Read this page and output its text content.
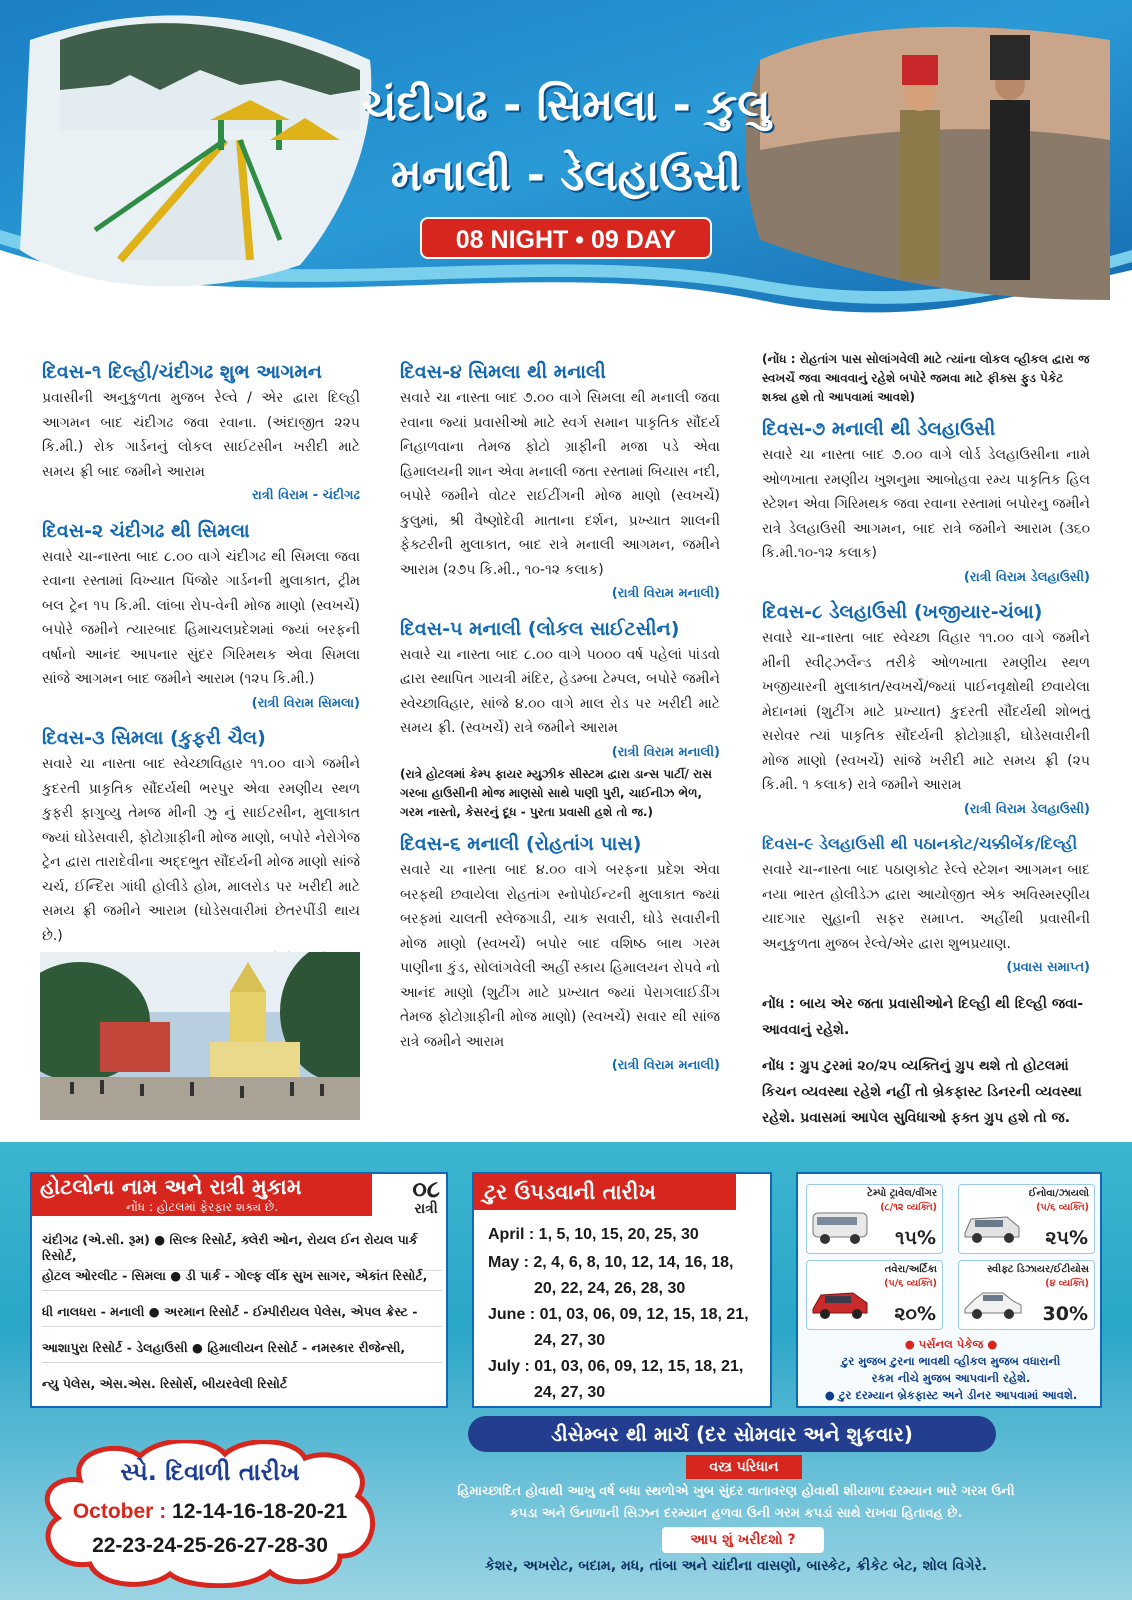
ચંદીગઢ - સિમલા - કુલુ
મનાલી - ડેલહાઉસી
08 NIGHT • 09 DAY
દિવસ-૧ દિલ્હી/ચંદીગઢ શુભ આગમન
પ્રવાસીની અનુકુળતા મુજબ રેલ્વે / એર દ્વારા દિલ્હી આગમન બાદ ચંદીગઢ જવા રવાના. (અંદાજીત ૨૨૫ કિ.મી.) રોક ગાર્ડનનું લોકલ સાઈટસીન ખરીદી માટે સમય ફ્રી બાદ જમીને આરામ
રાત્રી વિરામ - ચંદીગઢ
દિવસ-૨ ચંદીગઢ થી સિમલા
સવારે ચા-નાસ્તા બાદ ૮.૦૦ વાગે ચંદીગઢ થી સિમલા જવા રવાના રસ્તામાં વિખ્યાત પિંજોર ગાર્ડનની મુલાકાત, ટ્રીમ બલ ટ્રેન ૧૫ કિ.મી. લાંબા રોપ-વેની મોજ માણો (સ્વખર્ચે) બપોરે જમીને ત્યારબાદ હિમાચલપ્રદેશમાં જ્યાં બરફની વર્ષાનો આનંદ આપનાર સુંદર ગિરિમથક એવા સિમલા સાંજે આગમન બાદ જમીને આરામ (૧૨૫ કિ.મી.)
(રાત્રી વિરામ સિમલા)
દિવસ-૩ સિમલા (કુફરી ચૈલ)
સવારે ચા નાસ્તા બાદ સ્વેચ્છાવિહાર ૧૧.૦૦ વાગે જમીને કુદરતી પ્રાકૃતિક સૌંદર્યથી ભરપુર એવા રમણીય સ્થળ કુફરી ફાગુવ્યુ તેમજ મીની ઝુ નું સાઈટસીન, મુલાકાત જ્યાં ઘોડેસવારી, ફોટોગ્રાફીની મોજ માણો, બપોરે નેરોગેજ ટ્રેન દ્વારા તારાદેવીના અદ્દભુત સૌંદર્યની મોજ માણો સાંજે ચર્ચ, ઈન્દિરા ગાંધી હોલીડે હોમ, માલરોડ પર ખરીદી માટે સમય ફ્રી જમીને આરામ (ઘોડેસવારીમાં છેતરપીંડી થાય છે.)
દિવસ-૪ સિમલા થી મનાલી
સવારે ચા નાસ્તા બાદ ૭.૦૦ વાગે સિમલા થી મનાલી જવા રવાના જ્યાં પ્રવાસીઓ માટે સ્વર્ગ સમાન પાકૃતિક સૌંદર્ય નિહાળવાના તેમજ ફોટો ગ્રાફીની મજા પડે એવા હિમાલયની શાન એવા મનાલી જતા રસ્તામાં બિયાસ નદી, બપોરે જમીને વોટર રાઈટીંગની મોજ માણો (સ્વખર્ચે) કુલુમાં, શ્રી વૈષ્ણોદેવી માતાના દર્શન, પ્રખ્યાત શાલની ફેક્ટરીની મુલાકાત, બાદ રાત્રે મનાલી આગમન, જમીને આરામ (૨૭૫ કિ.મી., ૧૦-૧૨ કલાક)
(રાત્રી વિરામ મનાલી)
દિવસ-૫ મનાલી (લોકલ સાઈટસીન)
સવારે ચા નાસ્તા બાદ ૮.૦૦ વાગે ૫૦૦૦ વર્ષ પહેલાં પાંડવો દ્વારા સ્થાપિત ગાયત્રી મંદિર, હેડમ્બા ટેમ્પલ, બપોરે જમીને સ્વેચ્છાવિહાર, સાંજે ૪.૦૦ વાગે માલ રોડ પર ખરીદી માટે સમય ફ્રી. (સ્વખર્ચે) રાત્રે જમીને આરામ
(રાત્રી વિરામ મનાલી)
(રાત્રે હોટલમાં કેમ્પ ફાયર મ્યુઝીક સીસ્ટમ દ્વારા ડાન્સ પાર્ટી/ રાસ ગરબા હાઉસીની મોજ માણસો સાથે પાણી પુરી, ચાઈનીઝ ભેળ, ગરમ નાસ્તો, કેસરનું દૂધ - પુરતા પ્રવાસી હશે તો જ.)
દિવસ-૬ મનાલી (રોહતાંગ પાસ)
સવારે ચા નાસ્તા બાદ ૪.૦૦ વાગે બરફના પ્રદેશ એવા બરફથી છવાયેલા રોહતાંગ સ્નોપોઈન્ટની મુલાકાત જ્યાં બરફમાં ચાલતી સ્લેજગાડી, યાક સવારી, ઘોડે સવારીની મોજ માણો (સ્વખર્ચે) બપોર બાદ વશિષ્ઠ બાથ ગરમ પાણીના કુંડ, સોલાંગવેલી અહીં સ્કાય હિમાલયન રોપવે નો આનંદ માણો (શુટીંગ માટે પ્રખ્યાત જ્યાં પેરાગલાઈડીંગ તેમજ ફોટોગ્રાફીની મોજ માણો) (સ્વખર્ચે) સવાર થી સાંજ રાત્રે જમીને આરામ
(રાત્રી વિરામ મનાલી)
(નોંધ : રોહતાંગ પાસ સોલાંગવેલી માટે ત્યાંના લોકલ વ્હીકલ દ્વારા જ સ્વખર્ચે જવા આવવાનું રહેશે બપોરે જમવા માટે ફીક્સ ફુડ પેકેટ શક્ય હશે તો આપવામાં આવશે)
દિવસ-૭ મનાલી થી ડેલહાઉસી
સવારે ચા નાસ્તા બાદ ૭.૦૦ વાગે લોર્ડ ડેલહાઉસીના નામે ઓળખાતા રમણીય ખુશનુમા આબોહવા રમ્ય પાકૃતિક હિલ સ્ટેશન એવા ગિરિમથક જવા રવાના રસ્તામાં બપોરનુ જમીને રાત્રે ડેલહાઉસી આગમન, બાદ રાત્રે જમીને આરામ (૩૬૦ કિ.મી.૧૦-૧૨ કલાક)
(રાત્રી વિરામ ડેલહાઉસી)
દિવસ-૮ ડેલહાઉસી (ખજીયાર-ચંબા)
સવારે ચા-નાસ્તા બાદ સ્વેચ્છા વિહાર ૧૧.૦૦ વાગે જમીને મીની સ્વીટ્ઝર્લેન્ડ તરીકે ઓળખાતા રમણીય સ્થળ ખજીયારની મુલાકાત/સ્વખર્ચે/જ્યાં પાઈનવૃક્ષોથી છવાયેલા મેદાનમાં (શુટીંગ માટે પ્રખ્યાત) કુદરતી સૌંદર્યથી શોભતું સરોવર ત્યાં પાકૃતિક સૌંદર્યની ફોટોગ્રાફી, ઘોડેસવારીની મોજ માણો (સ્વખર્ચે) સાંજે ખરીદી માટે સમય ફ્રી (૨૫ કિ.મી. ૧ કલાક) રાત્રે જમીને આરામ
(રાત્રી વિરામ ડેલહાઉસી)
દિવસ-૯ ડેલહાઉસી થી પઠાનકોટ/ચક્કીબેંક/દિલ્હી
સવારે ચા-નાસ્તા બાદ પઠાણકોટ રેલ્વે સ્ટેશન આગમન બાદ નયા ભારત હોલીડેઝ દ્વારા આયોજીત એક અવિસ્મરણીય યાદગાર સુહાની સફર સમાપ્ત. અહીંથી પ્રવાસીની અનુકુળતા મુજબ રેલ્વે/એર દ્વારા શુભપ્રયાણ.
(પ્રવાસ સમાપ્ત)
નોંધ : બાય એર જતા પ્રવાસીઓને દિલ્હી થી દિલ્હી જવા-આવવાનું રહેશે.
નોંધ : ગ્રુપ ટુરમાં ૨૦/૨૫ વ્યક્તિનું ગ્રુપ થશે તો હોટલમાં કિચન વ્યવસ્થા રહેશે નહીં તો બ્રેકફાસ્ટ ડિનરની વ્યવસ્થા રહેશે. પ્રવાસમાં આપેલ સુવિધાઓ ફક્ત ગ્રુપ હશે તો જ.
હોટલોના નામ અને રાત્રી મુકામ
નોંધ : હોટલમાં ફેરફાર શક્ય છે.
૦૮
રાત્રી
ચંદીગઢ (એ.સી. રૂમ) ● સિલ્ક રિસોર્ટ, ક્લેરી ઓન, રોયલ ઈન રોયલ પાર્ક રિસોર્ટ,
હોટલ ઓરલીટ - સિમલા ● ડી પાર્ક - ગોલ્ફ લીંક સુખ સાગર, એકાંત રિસોર્ટ,
ધી નાલધરા - મનાલી ● અરમાન રિસોર્ટ - ઈમ્પીરીયલ પેલેસ, એપલ ક્રેસ્ટ -
આશાપુરા રિસોર્ટ - ડેલહાઉસી ● હિમાલીયન રિસોર્ટ - નમસ્કાર રીજેન્સી,
ન્યુ પેલેસ, એસ.એસ. રિસોર્સ, બીયરવેલી રિસોર્ટ
ટુર ઉપડવાની તારીખ
April : 1, 5, 10, 15, 20, 25, 30
May : 2, 4, 6, 8, 10, 12, 14, 16, 18,
20, 22, 24, 26, 28, 30
June : 01, 03, 06, 09, 12, 15, 18, 21,
24, 27, 30
July : 01, 03, 06, 09, 12, 15, 18, 21,
24, 27, 30
ટેમ્પો ટ્રાવેલ/વીંગર
(૮/૧૨ વ્યક્તિ)
૧૫%
ઈનોવા/ઝાયલો
(૫/૬ વ્યક્તિ)
૨૫%
તવેરા/અર્ટિકા
(૫/૬ વ્યક્તિ)
૨૦%
સ્વીફ્ટ ડિઝાયર/ઈટીયોસ
(૪ વ્યક્તિ)
30%
● પર્સનલ પેકેજ ●
ટુર મુજબ ટુરના ભાવથી વ્હીકલ મુજબ વધારાની
રકમ નીચે મુજબ આપવાની રહેશે.
● ટુર દરમ્યાન બ્રેકફાસ્ટ અને ડીનર આપવામાં આવશે.
ડીસેમ્બર થી માર્ચ (દર સોમવાર અને શુક્રવાર)
વસ્ત્ર પરિધાન
હિમાચ્છાદિત હોવાથી આખુ વર્ષ બધા સ્થળોએ ખુબ સુંદર વાતાવરણ હોવાથી શીયાળા દરમ્યાન ભારે ગરમ ઉની
કપડા અને ઉનાળાની સિઝન દરમ્યાન હળવા ઉની ગરમ કપડાં સાથે રાખવા હિતાવહ છે.
આપ શું ખરીદશો ?
કેશર, અખરોટ, બદામ, મધ, તાંબા અને ચાંદીના વાસણો, બાસ્કેટ, ક્રીકેટ બેટ, શોલ વિગેરે.
સ્પે. દિવાળી તારીખ
October : 12-14-16-18-20-21
22-23-24-25-26-27-28-30
